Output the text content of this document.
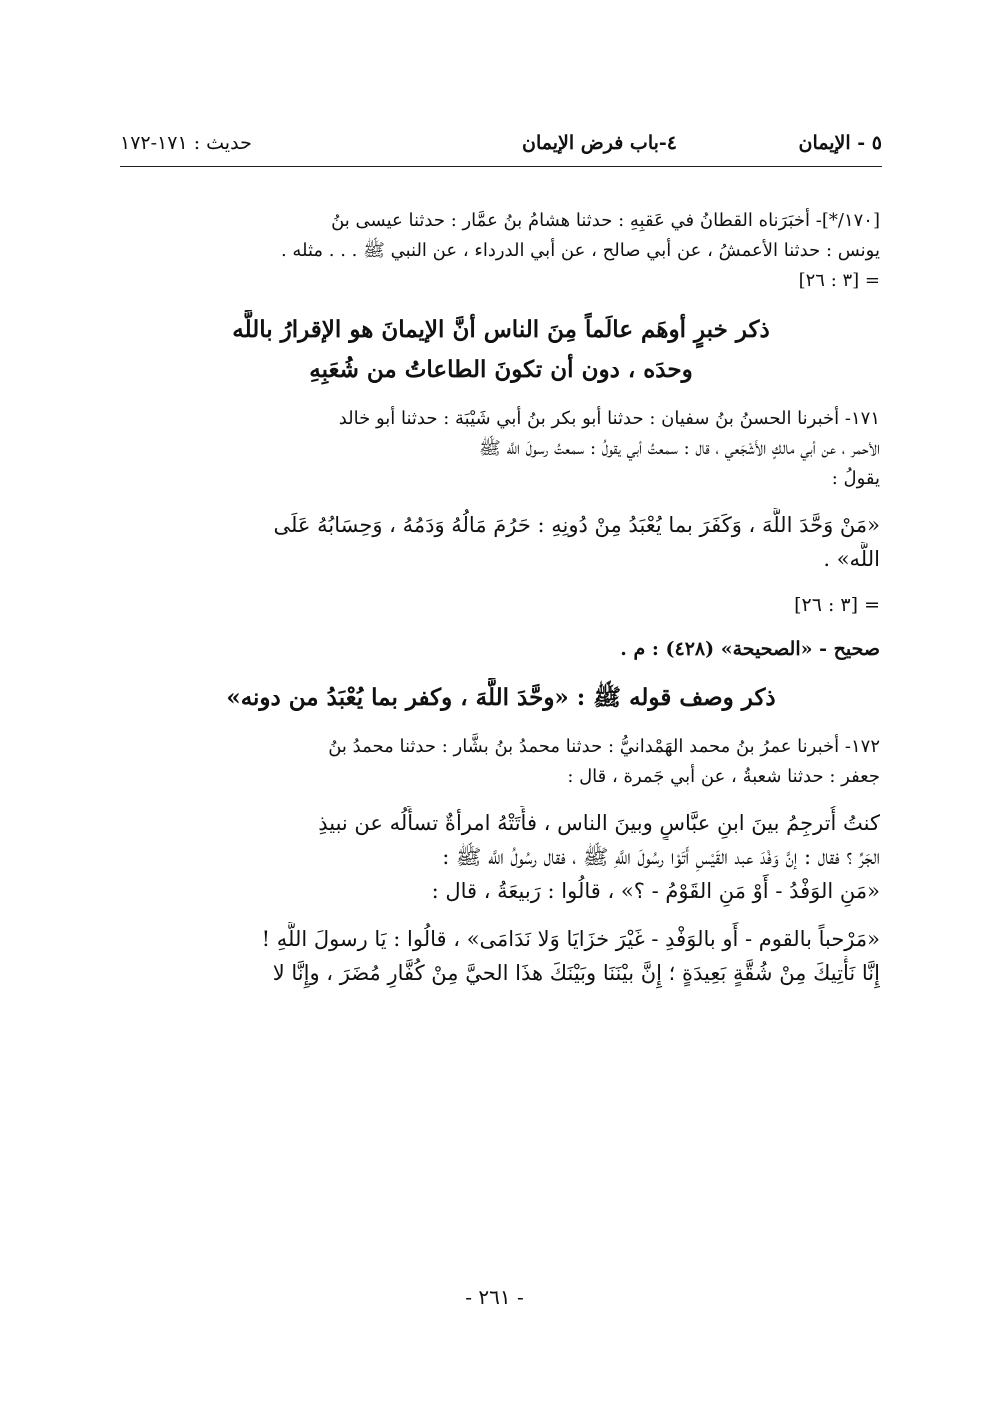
٥ - الإيمان
٤-باب فرض الإيمان
حديث : ١٧١-١٧٢
[١٧٠/*]- أخبَرَناه القطانُ في عَقبِهِ : حدثنا هشامُ بنُ عمَّار : حدثنا عيسى بنُ
يونس : حدثنا الأعمشُ ، عن أبي صالح ، عن أبي الدرداء ، عن النبي ﷺ . . . مثله .
= [٣ : ٢٦]
ذكر خبرٍ أوهَم عالَماً مِنَ الناس أنَّ الإيمانَ هو الإقرارُ باللَّه
وحدَه ، دون أن تكونَ الطاعاتُ من شُعَبِهِ
١٧١- أخبرنا الحسنُ بنُ سفيان : حدثنا أبو بكر بنُ أبي شَيْبَة : حدثنا أبو خالد
الأحمر ، عن أبي مالكٍ الأَشْجَعي ، قال : سمعتُ أبي يقولُ : سمعتُ رسولَ اللَّه ﷺ
يقولُ :
«مَنْ وَحَّدَ اللَّهَ ، وَكَفَرَ بما يُعْبَدُ مِنْ دُونِهِ : حَرُمَ مَالُهُ وَدَمُهُ ، وَحِسَابُهُ عَلَى
اللَّه» .
= [٣ : ٢٦]
صحيح - «الصحيحة» (٤٢٨) : م .
ذكر وصف قوله ﷺ : «وحَّدَ اللَّهَ ، وكفر بما يُعْبَدُ من دونه»
١٧٢- أخبرنا عمرُ بنُ محمد الهَمْدانيُّ : حدثنا محمدُ بنُ بشَّار : حدثنا محمدُ بنُ
جعفر : حدثنا شعبةُ ، عن أبي جَمرة ، قال :
كنتُ أُترجِمُ بينَ ابنِ عبَّاسٍ وبينَ الناس ، فأَتَتْهُ امرأةٌ تسأَلُه عن نبيذِ
الجَرِّ ؟ فقال : إنَّ وَفْدَ عبد القَيْسِ أَتَوْا رسُولَ اللَّهِ ﷺ ، فقال رسُولُ اللَّه ﷺ :
«مَنِ الوَفْدُ - أَوْ مَنِ القَوْمُ - ؟» ، قالُوا : رَبيعَةُ ، قال :
«مَرْحباً بالقوم - أَو بالوَفْدِ - غَيْرَ خزَايَا وَلا نَدَامَى» ، قالُوا : يَا رسولَ اللَّهِ !
إِنَّا نَأْتِيكَ مِنْ شُقَّةٍ بَعِيدَةٍ ؛ إِنَّ بيْنَنَا وبَيْنَكَ هذَا الحيَّ مِنْ كُفَّارِ مُضَرَ ، وإِنَّا لا
- ٢٦١ -
